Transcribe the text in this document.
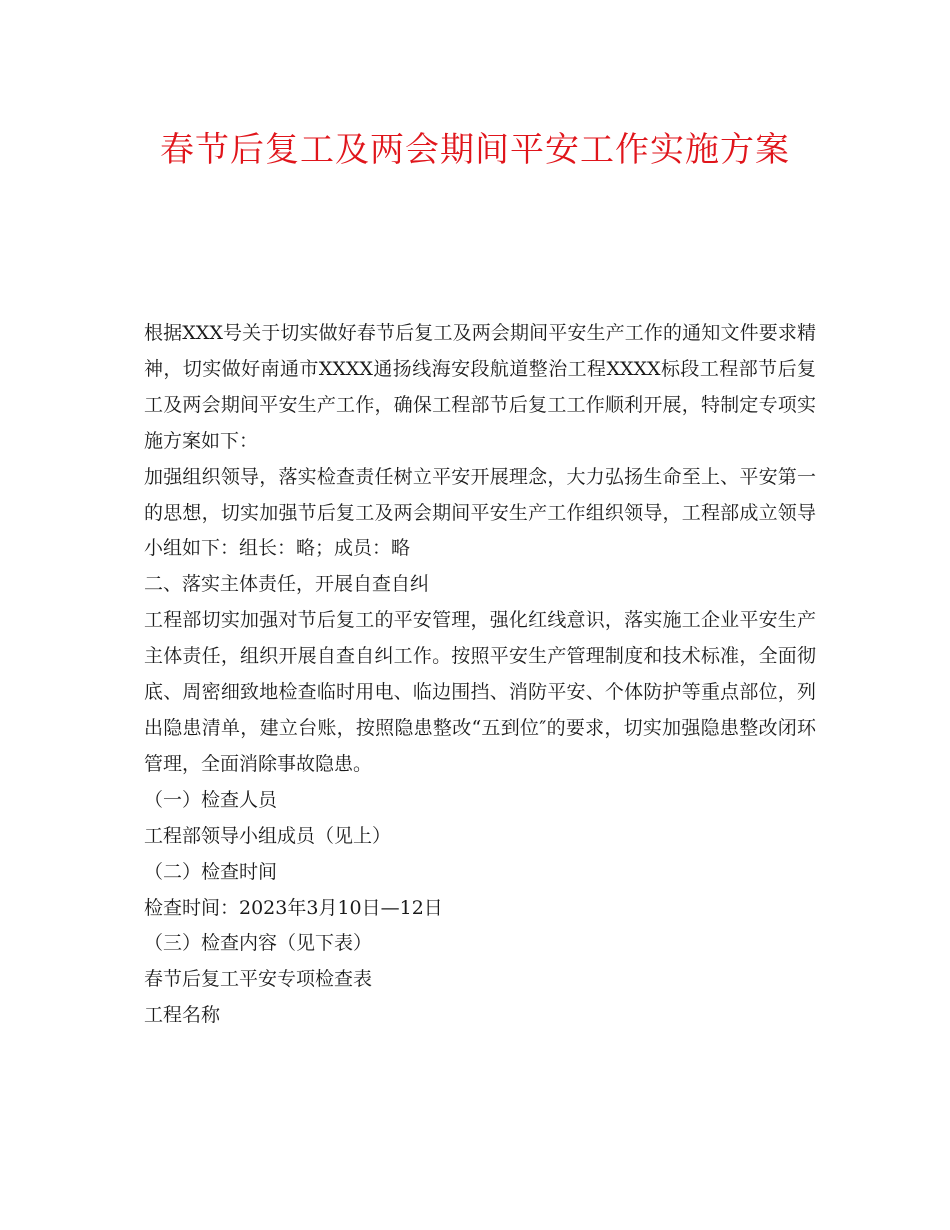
春节后复工及两会期间平安工作实施方案

根据XXX号关于切实做好春节后复工及两会期间平安生产工作的通知文件要求精神，切实做好南通市XXXX通扬线海安段航道整治工程XXXX标段工程部节后复工及两会期间平安生产工作，确保工程部节后复工工作顺利开展，特制定专项实施方案如下：

加强组织领导，落实检查责任树立平安开展理念，大力弘扬生命至上、平安第一的思想，切实加强节后复工及两会期间平安生产工作组织领导，工程部成立领导小组如下：组长：略；成员：略

二、落实主体责任，开展自查自纠

工程部切实加强对节后复工的平安管理，强化红线意识，落实施工企业平安生产主体责任，组织开展自查自纠工作。按照平安生产管理制度和技术标准，全面彻底、周密细致地检查临时用电、临边围挡、消防平安、个体防护等重点部位，列出隐患清单，建立台账，按照隐患整改“五到位″的要求，切实加强隐患整改闭环管理，全面消除事故隐患。

（一）检查人员

工程部领导小组成员（见上）

（二）检查时间

检查时间：2023年3月10日—12日

（三）检查内容（见下表）

春节后复工平安专项检查表

工程名称
